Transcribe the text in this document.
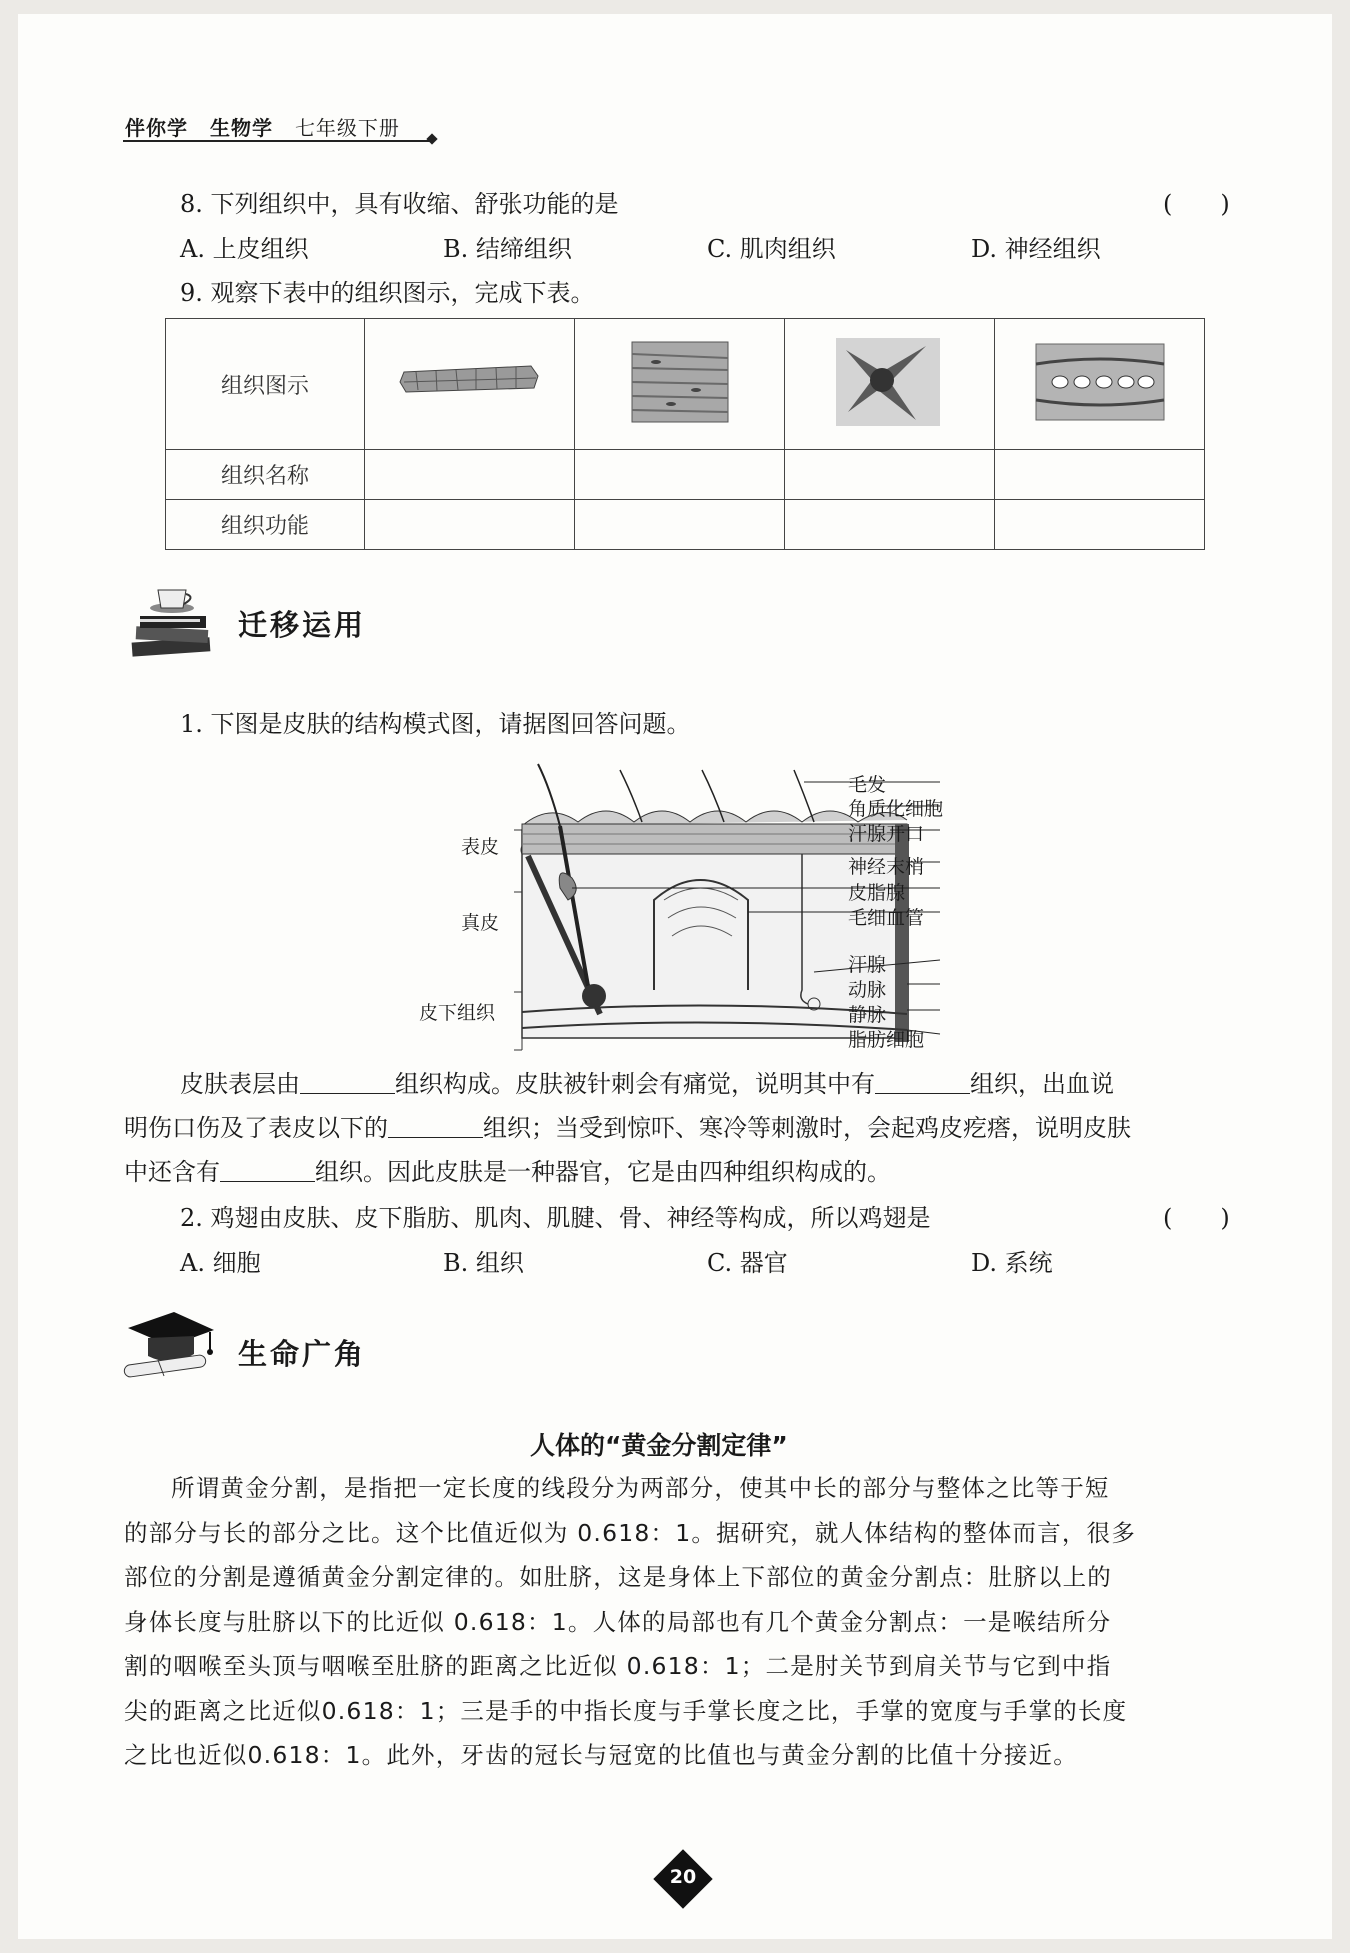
伴你学 生物学 七年级下册
8. 下列组织中，具有收缩、舒张功能的是	(　　)
A. 上皮组织	B. 结缔组织	C. 肌肉组织	D. 神经组织
9. 观察下表中的组织图示，完成下表。
组织图示				
组织名称				
组织功能				
迁移运用
1. 下图是皮肤的结构模式图，请据图回答问题。
表皮
真皮
皮下组织
毛发
角质化细胞
汗腺开口
神经末梢
皮脂腺
毛细血管
汗腺
动脉
静脉
脂肪细胞
皮肤表层由	组织构成。皮肤被针刺会有痛觉，说明其中有	组织，出血说
明伤口伤及了表皮以下的	组织；当受到惊吓、寒冷等刺激时，会起鸡皮疙瘩，说明皮肤
中还含有	组织。因此皮肤是一种器官，它是由四种组织构成的。
2. 鸡翅由皮肤、皮下脂肪、肌肉、肌腱、骨、神经等构成，所以鸡翅是	(　　)
A. 细胞	B. 组织	C. 器官	D. 系统
生命广角
人体的“黄金分割定律”
所谓黄金分割，是指把一定长度的线段分为两部分，使其中长的部分与整体之比等于短
的部分与长的部分之比。这个比值近似为 0.618：1。据研究，就人体结构的整体而言，很多
部位的分割是遵循黄金分割定律的。如肚脐，这是身体上下部位的黄金分割点：肚脐以上的
身体长度与肚脐以下的比近似 0.618：1。人体的局部也有几个黄金分割点：一是喉结所分
割的咽喉至头顶与咽喉至肚脐的距离之比近似 0.618：1；二是肘关节到肩关节与它到中指
尖的距离之比近似0.618：1；三是手的中指长度与手掌长度之比，手掌的宽度与手掌的长度
之比也近似0.618：1。此外，牙齿的冠长与冠宽的比值也与黄金分割的比值十分接近。
20
